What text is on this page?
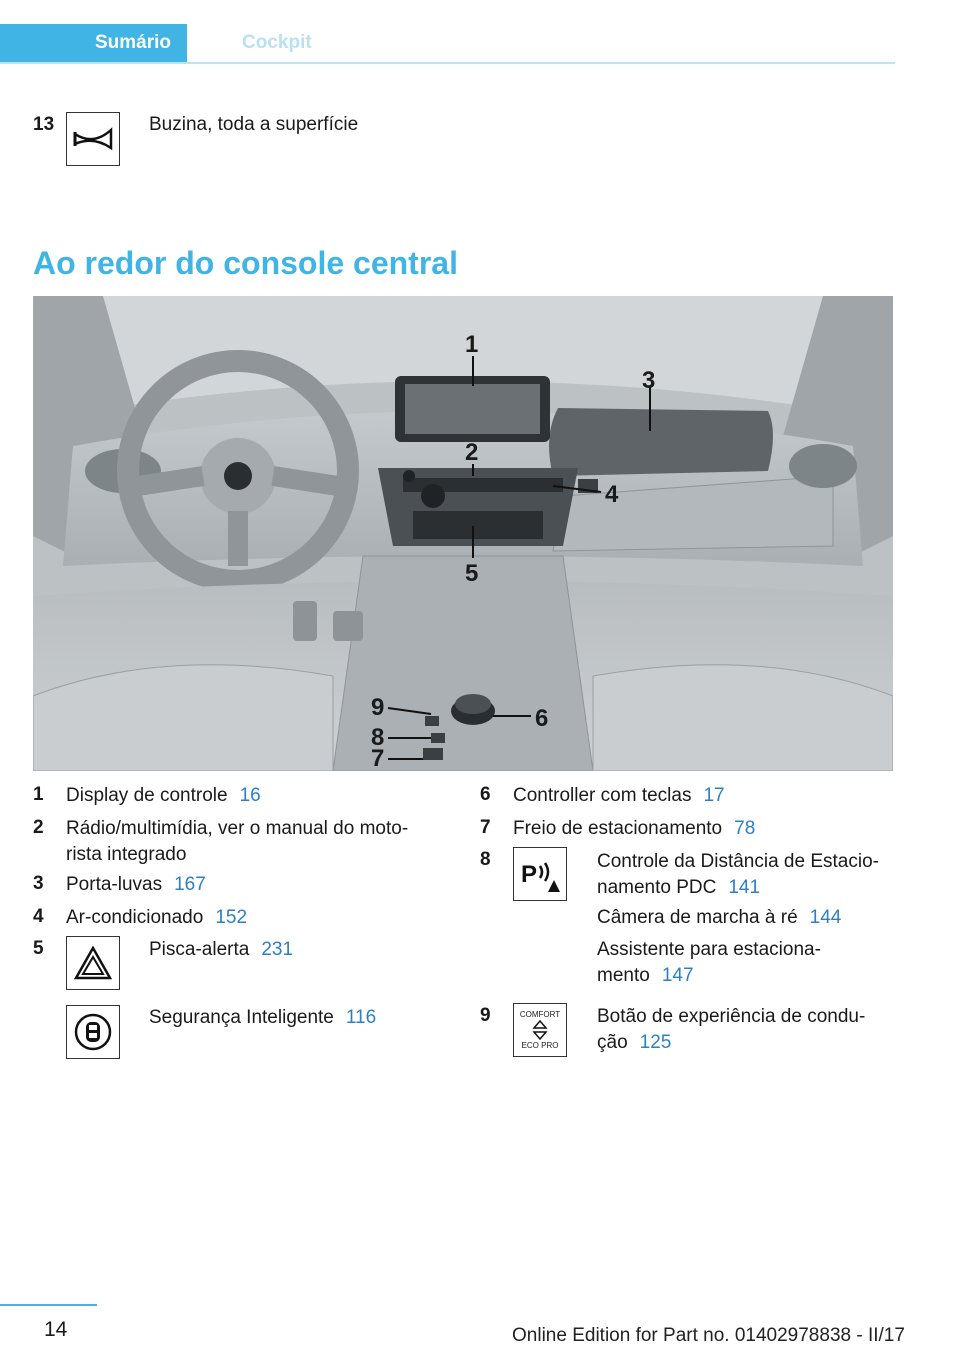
Sumário	Cockpit
13	Buzina, toda a superfície
Ao redor do console central
1
3
2
4
5
6
7
8
9
1 Display de controle 16
2 Rádio/multimídia, ver o manual do moto-
rista integrado
3 Porta-luvas 167
4 Ar-condicionado 152
5	Pisca-alerta 231
Segurança Inteligente 116
6 Controller com teclas 17
7 Freio de estacionamento 78
8
P	Controle da Distância de Estacio-
namento PDC 141
Câmera de marcha à ré 144
Assistente para estaciona-
mento 147
9	COMFORT
ECO PRO
Botão de experiência de condu-
ção 125
14	Online Edition for Part no. 01402978838 - II/17
